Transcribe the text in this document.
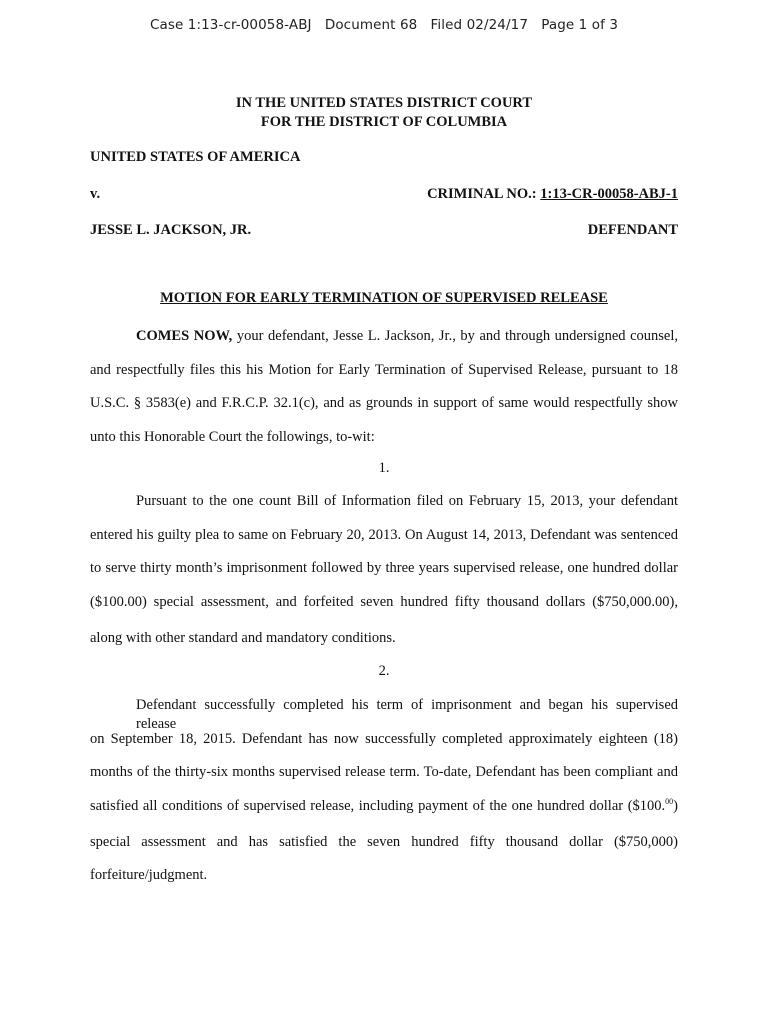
Case 1:13-cr-00058-ABJ Document 68 Filed 02/24/17 Page 1 of 3
IN THE UNITED STATES DISTRICT COURT
FOR THE DISTRICT OF COLUMBIA
UNITED STATES OF AMERICA
v.	CRIMINAL NO.: 1:13-CR-00058-ABJ-1
JESSE L. JACKSON, JR.	DEFENDANT
MOTION FOR EARLY TERMINATION OF SUPERVISED RELEASE
COMES NOW, your defendant, Jesse L. Jackson, Jr., by and through undersigned counsel,
and respectfully files this his Motion for Early Termination of Supervised Release, pursuant to 18
U.S.C. § 3583(e) and F.R.C.P. 32.1(c), and as grounds in support of same would respectfully show
unto this Honorable Court the followings, to-wit:
1.
Pursuant to the one count Bill of Information filed on February 15, 2013, your defendant
entered his guilty plea to same on February 20, 2013. On August 14, 2013, Defendant was sentenced
to serve thirty month’s imprisonment followed by three years supervised release, one hundred dollar
($100.00) special assessment, and forfeited seven hundred fifty thousand dollars ($750,000.00),
along with other standard and mandatory conditions.
2.
Defendant successfully completed his term of imprisonment and began his supervised release
on September 18, 2015. Defendant has now successfully completed approximately eighteen (18)
months of the thirty-six months supervised release term. To-date, Defendant has been compliant and
satisfied all conditions of supervised release, including payment of the one hundred dollar ($100.00)
special assessment and has satisfied the seven hundred fifty thousand dollar ($750,000)
forfeiture/judgment.
